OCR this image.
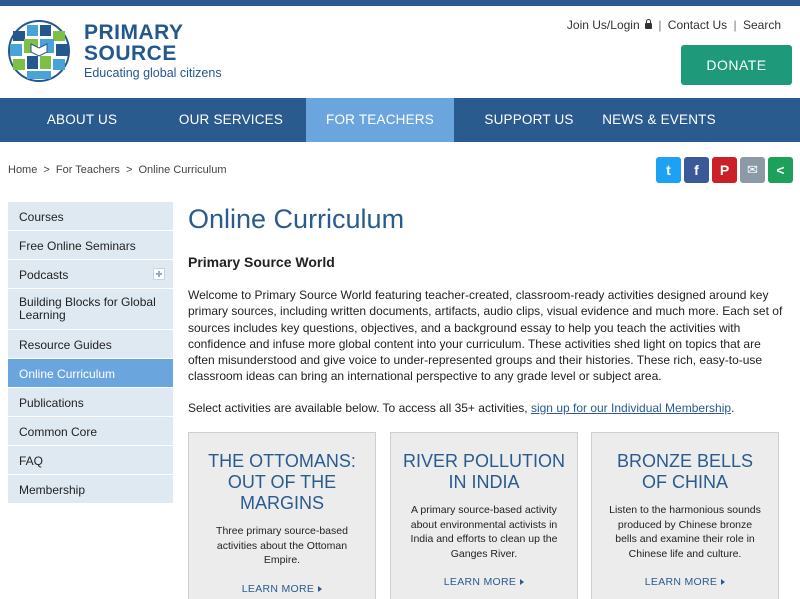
PRIMARY
SOURCE
Educating global citizens
Join Us/Login | Contact Us | Search
DONATE
ABOUT US	OUR SERVICES	FOR TEACHERS	SUPPORT US	NEWS & EVENTS
Home > For Teachers > Online Curriculum	t	f	P	✉	<
Courses
Free Online Seminars
Podcasts
Building Blocks for Global Learning
Resource Guides
Online Curriculum
Publications
Common Core
FAQ
Membership
Online Curriculum
Primary Source World

Welcome to Primary Source World featuring teacher-created, classroom-ready activities designed around key primary sources, including written documents, artifacts, audio clips, visual evidence and much more. Each set of sources includes key questions, objectives, and a background essay to help you teach the activities with confidence and infuse more global content into your curriculum. These activities shed light on topics that are often misunderstood and give voice to under-represented groups and their histories. These rich, easy-to-use classroom ideas can bring an international perspective to any grade level or subject area.

Select activities are available below. To access all 35+ activities, sign up for our Individual Membership.

THE OTTOMANS: OUT OF THE MARGINS
Three primary source-based activities about the Ottoman Empire.
LEARN MORE
RIVER POLLUTION IN INDIA
A primary source-based activity about environmental activists in India and efforts to clean up the Ganges River.
LEARN MORE
BRONZE BELLS OF CHINA
Listen to the harmonious sounds produced by Chinese bronze bells and examine their role in Chinese life and culture.
LEARN MORE
